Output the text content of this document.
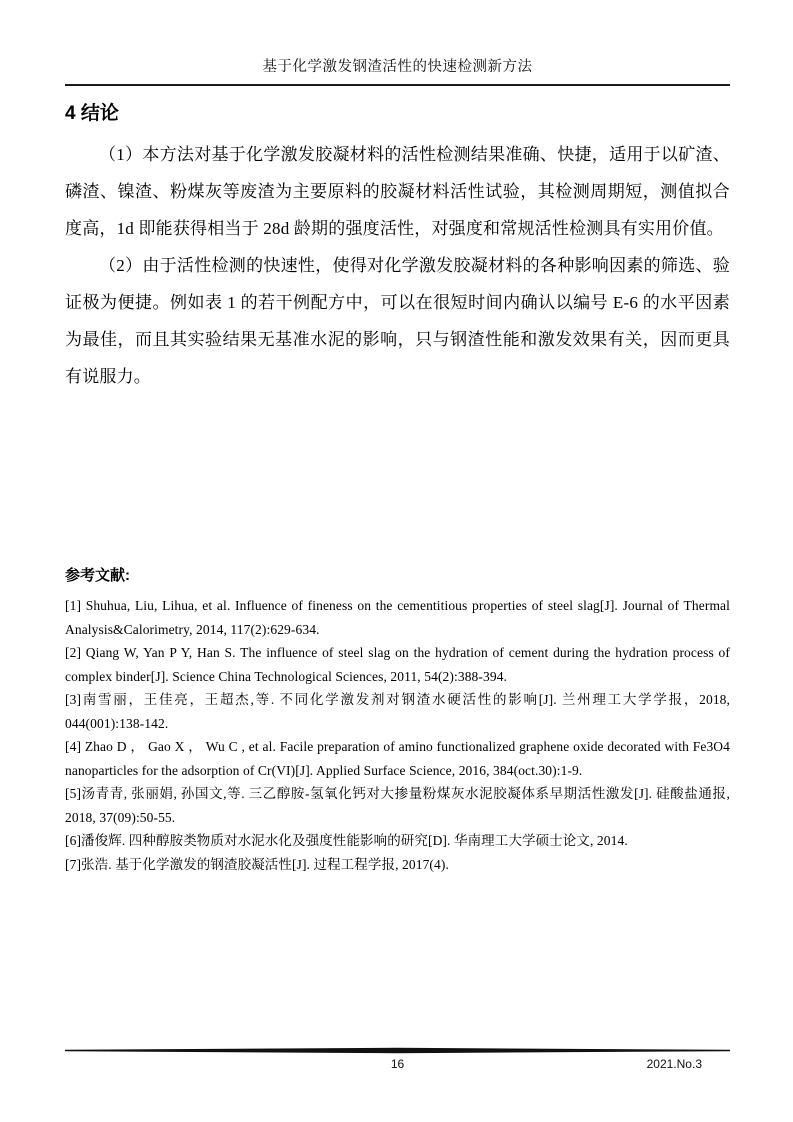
基于化学激发钢渣活性的快速检测新方法
4 结论

（1）本方法对基于化学激发胶凝材料的活性检测结果准确、快捷，适用于以矿渣、磷渣、镍渣、粉煤灰等废渣为主要原料的胶凝材料活性试验，其检测周期短，测值拟合度高，1d 即能获得相当于 28d 龄期的强度活性，对强度和常规活性检测具有实用价值。

（2）由于活性检测的快速性，使得对化学激发胶凝材料的各种影响因素的筛选、验证极为便捷。例如表 1 的若干例配方中，可以在很短时间内确认以编号 E-6 的水平因素为最佳，而且其实验结果无基准水泥的影响，只与钢渣性能和激发效果有关，因而更具有说服力。

参考文献:
[1] Shuhua, Liu, Lihua, et al. Influence of fineness on the cementitious properties of steel slag[J]. Journal of Thermal Analysis&Calorimetry, 2014, 117(2):629-634.
[2] Qiang W, Yan P Y, Han S. The influence of steel slag on the hydration of cement during the hydration process of complex binder[J]. Science China Technological Sciences, 2011, 54(2):388-394.
[3]南雪丽，王佳亮，王超杰,等. 不同化学激发剂对钢渣水硬活性的影响[J]. 兰州理工大学学报，2018, 044(001):138-142.
[4] Zhao D ， Gao X ， Wu C , et al. Facile preparation of amino functionalized graphene oxide decorated with Fe3O4 nanoparticles for the adsorption of Cr(VI)[J]. Applied Surface Science, 2016, 384(oct.30):1-9.
[5]汤青青, 张丽娟, 孙国文,等. 三乙醇胺-氢氧化钙对大掺量粉煤灰水泥胶凝体系早期活性激发[J]. 硅酸盐通报, 2018, 37(09):50-55.
[6]潘俊辉. 四种醇胺类物质对水泥水化及强度性能影响的研究[D]. 华南理工大学硕士论文, 2014.
[7]张浩. 基于化学激发的钢渣胶凝活性[J]. 过程工程学报, 2017(4).
16	2021.No.3
